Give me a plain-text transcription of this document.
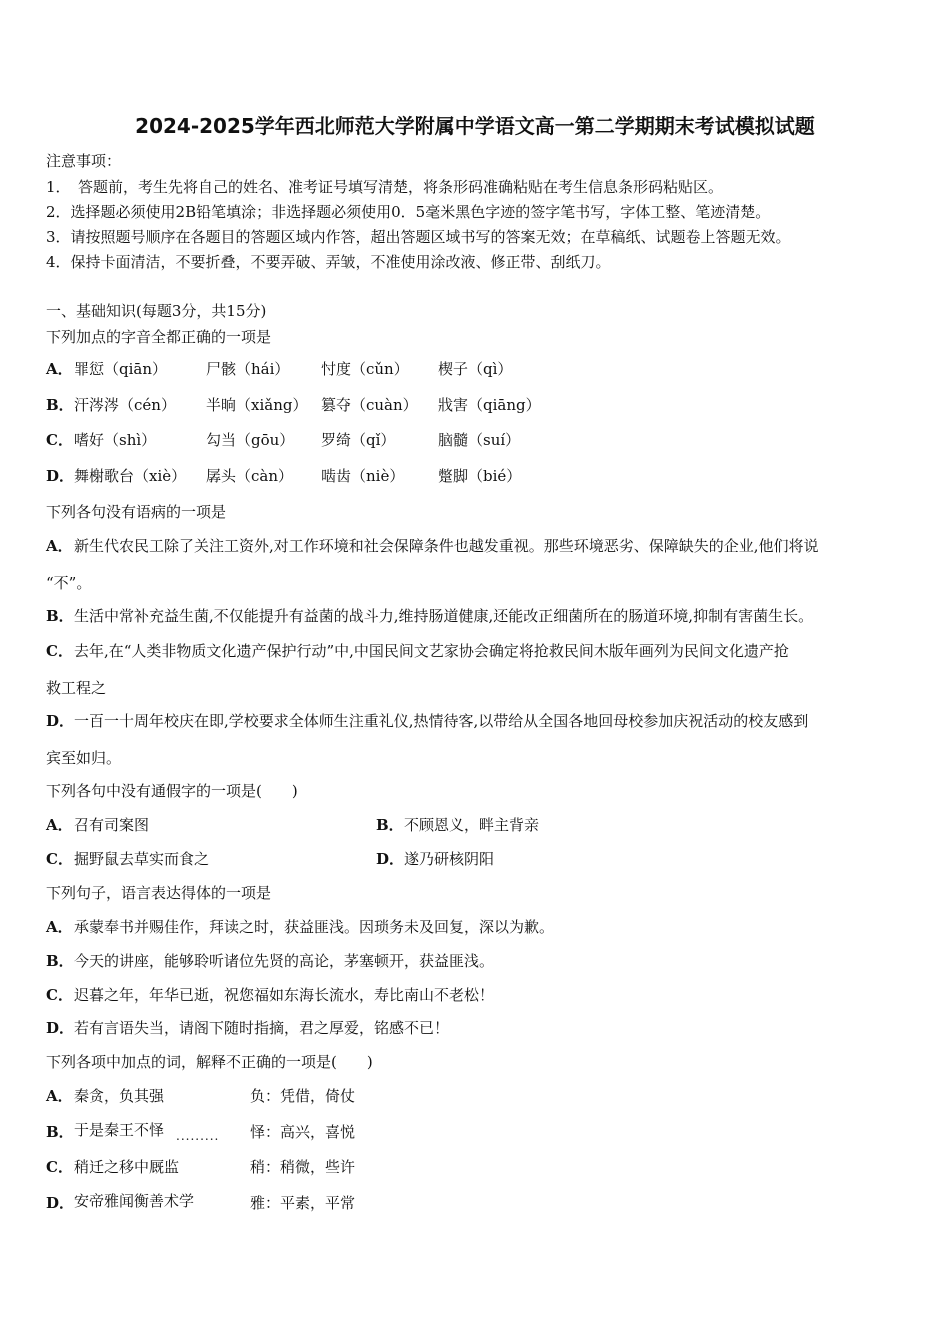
2024-2025学年西北师范大学附属中学语文高一第二学期期末考试模拟试题
注意事项：
1．　答题前，考生先将自己的姓名、准考证号填写清楚，将条形码准确粘贴在考生信息条形码粘贴区。
2．选择题必须使用2B铅笔填涂；非选择题必须使用0．5毫米黑色字迹的签字笔书写，字体工整、笔迹清楚。
3．请按照题号顺序在各题目的答题区域内作答，超出答题区域书写的答案无效；在草稿纸、试题卷上答题无效。
4．保持卡面清洁，不要折叠，不要弄破、弄皱，不准使用涂改液、修正带、刮纸刀。
一、基础知识(每题3分，共15分)
下列加点的字音全都正确的一项是
A． 罪愆（qiān）	尸骸（hái） 忖度（cǔn） 楔子（qì）
B． 汗涔涔（cén） 半晌（xiǎng） 篡夺（cuàn） 戕害（qiāng）
C． 嗜好（shì）	勾当（gōu） 罗绮（qǐ）	脑髓（suí）
D． 舞榭歌台（xiè） 孱头（càn） 啮齿（niè） 蹩脚（bié）
下列各句没有语病的一项是
A． 新生代农民工除了关注工资外,对工作环境和社会保障条件也越发重视。那些环境恶劣、保障缺失的企业,他们将说
“不”。
B． 生活中常补充益生菌,不仅能提升有益菌的战斗力,维持肠道健康,还能改正细菌所在的肠道环境,抑制有害菌生长。
C． 去年,在“人类非物质文化遗产保护行动”中,中国民间文艺家协会确定将抢救民间木版年画列为民间文化遗产抢
救工程之
D． 一百一十周年校庆在即,学校要求全体师生注重礼仪,热情待客,以带给从全国各地回母校参加庆祝活动的校友感到
宾至如归。
下列各句中没有通假字的一项是(　　)
A． 召有司案图	B． 不顾恩义，畔主背亲
C． 掘野鼠去草实而食之	D． 遂乃研核阴阳
下列句子，语言表达得体的一项是
A． 承蒙奉书并赐佳作，拜读之时，获益匪浅。因琐务未及回复，深以为歉。
B． 今天的讲座，能够聆听诸位先贤的高论，茅塞顿开，获益匪浅。
C． 迟暮之年，年华已逝，祝您福如东海长流水，寿比南山不老松！
D． 若有言语失当，请阁下随时指摘，君之厚爱，铭感不已！
下列各项中加点的词，解释不正确的一项是(　　)
A． 秦贪，负其强	负：凭借，倚仗
B． 于是秦王不怿 ......... 怿：高兴，喜悦
C． 稍迁之移中厩监	稍：稍微，些许
D． 安帝雅闻衡善术学	雅：平素，平常
